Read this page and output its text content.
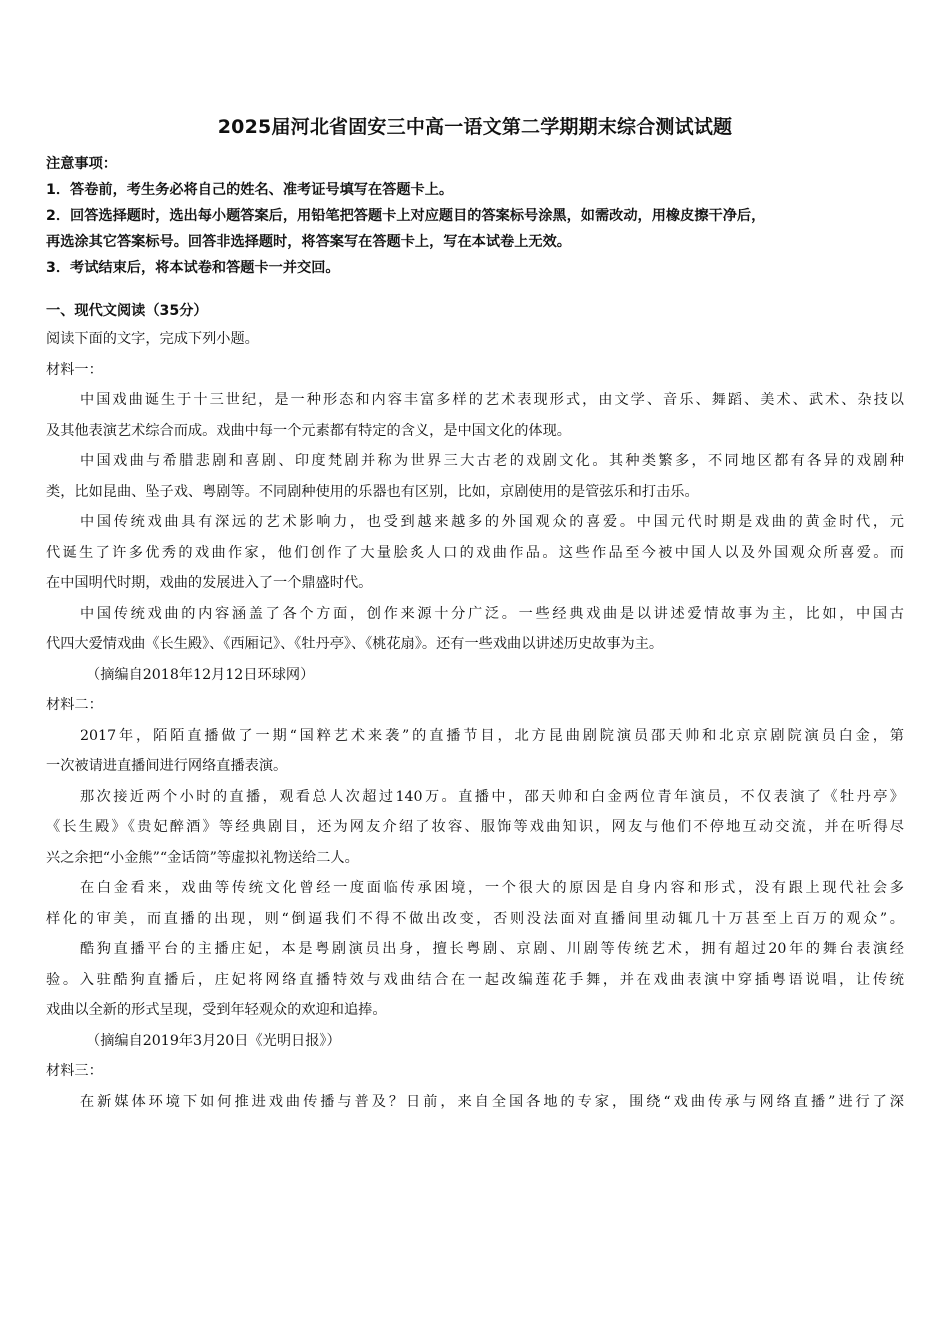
2025届河北省固安三中高一语文第二学期期末综合测试试题
注意事项：
1．答卷前，考生务必将自己的姓名、准考证号填写在答题卡上。
2．回答选择题时，选出每小题答案后，用铅笔把答题卡上对应题目的答案标号涂黑，如需改动，用橡皮擦干净后，
再选涂其它答案标号。回答非选择题时，将答案写在答题卡上，写在本试卷上无效。
3．考试结束后，将本试卷和答题卡一并交回。
一、现代文阅读（35分）
阅读下面的文字，完成下列小题。
材料一：
中国戏曲诞生于十三世纪，是一种形态和内容丰富多样的艺术表现形式，由文学、音乐、舞蹈、美术、武术、杂技以
及其他表演艺术综合而成。戏曲中每一个元素都有特定的含义，是中国文化的体现。
中国戏曲与希腊悲剧和喜剧、印度梵剧并称为世界三大古老的戏剧文化。其种类繁多，不同地区都有各异的戏剧种
类，比如昆曲、坠子戏、粤剧等。不同剧种使用的乐器也有区别，比如，京剧使用的是管弦乐和打击乐。
中国传统戏曲具有深远的艺术影响力，也受到越来越多的外国观众的喜爱。中国元代时期是戏曲的黄金时代，元
代诞生了许多优秀的戏曲作家，他们创作了大量脍炙人口的戏曲作品。这些作品至今被中国人以及外国观众所喜爱。而
在中国明代时期，戏曲的发展进入了一个鼎盛时代。
中国传统戏曲的内容涵盖了各个方面，创作来源十分广泛。一些经典戏曲是以讲述爱情故事为主，比如，中国古
代四大爱情戏曲《长生殿》、《西厢记》、《牡丹亭》、《桃花扇》。还有一些戏曲以讲述历史故事为主。
（摘编自2018年12月12日环球网）
材料二：
2017年，陌陌直播做了一期“国粹艺术来袭”的直播节目，北方昆曲剧院演员邵天帅和北京京剧院演员白金，第
一次被请进直播间进行网络直播表演。
那次接近两个小时的直播，观看总人次超过140万。直播中，邵天帅和白金两位青年演员，不仅表演了《牡丹亭》
《长生殿》《贵妃醉酒》等经典剧目，还为网友介绍了妆容、服饰等戏曲知识，网友与他们不停地互动交流，并在听得尽
兴之余把“小金熊”“金话筒”等虚拟礼物送给二人。
在白金看来，戏曲等传统文化曾经一度面临传承困境，一个很大的原因是自身内容和形式，没有跟上现代社会多
样化的审美，而直播的出现，则“倒逼我们不得不做出改变，否则没法面对直播间里动辄几十万甚至上百万的观众”。
酷狗直播平台的主播庄妃，本是粤剧演员出身，擅长粤剧、京剧、川剧等传统艺术，拥有超过20年的舞台表演经
验。入驻酷狗直播后，庄妃将网络直播特效与戏曲结合在一起改编莲花手舞，并在戏曲表演中穿插粤语说唱，让传统
戏曲以全新的形式呈现，受到年轻观众的欢迎和追捧。
（摘编自2019年3月20日《光明日报》）
材料三：
在新媒体环境下如何推进戏曲传播与普及？日前，来自全国各地的专家，围绕“戏曲传承与网络直播”进行了深
